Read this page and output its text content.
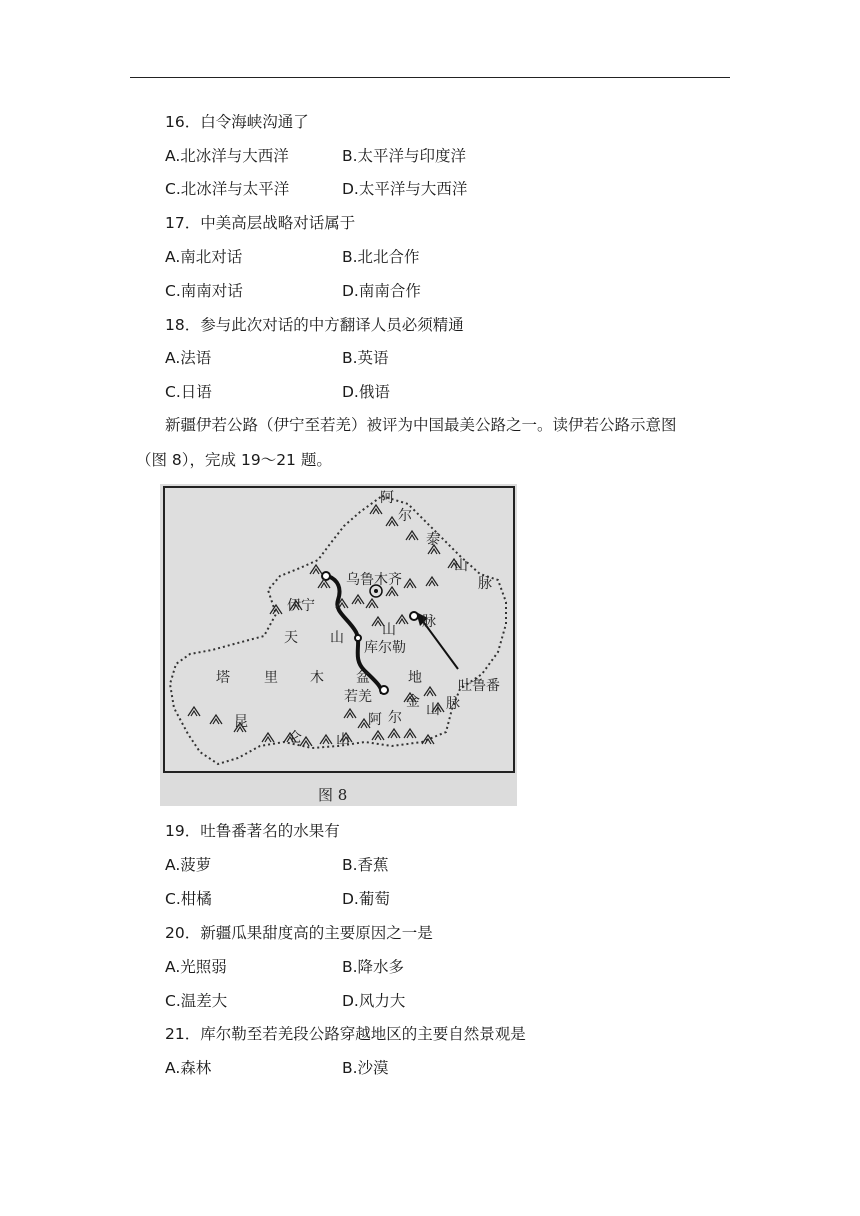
16．白令海峡沟通了
A.北冰洋与大西洋	B.太平洋与印度洋
C.北冰洋与太平洋	D.太平洋与大西洋
17．中美高层战略对话属于
A.南北对话	B.北北合作
C.南南对话	D.南南合作
18．参与此次对话的中方翻译人员必须精通
A.法语	B.英语
C.日语	D.俄语
新疆伊若公路（伊宁至若羌）被评为中国最美公路之一。读伊若公路示意图
（图 8），完成 19～21 题。
阿
尔
泰
山
脉
乌鲁木齐
伊宁
库尔勒
若羌
吐鲁番
天 山	山 脉
塔 里 木 盆	地
阿 尔
金 山 脉
昆
仑 山
图 8
19．吐鲁番著名的水果有
A.菠萝	B.香蕉
C.柑橘	D.葡萄
20．新疆瓜果甜度高的主要原因之一是
A.光照弱	B.降水多
C.温差大	D.风力大
21．库尔勒至若羌段公路穿越地区的主要自然景观是
A.森林	B.沙漠
